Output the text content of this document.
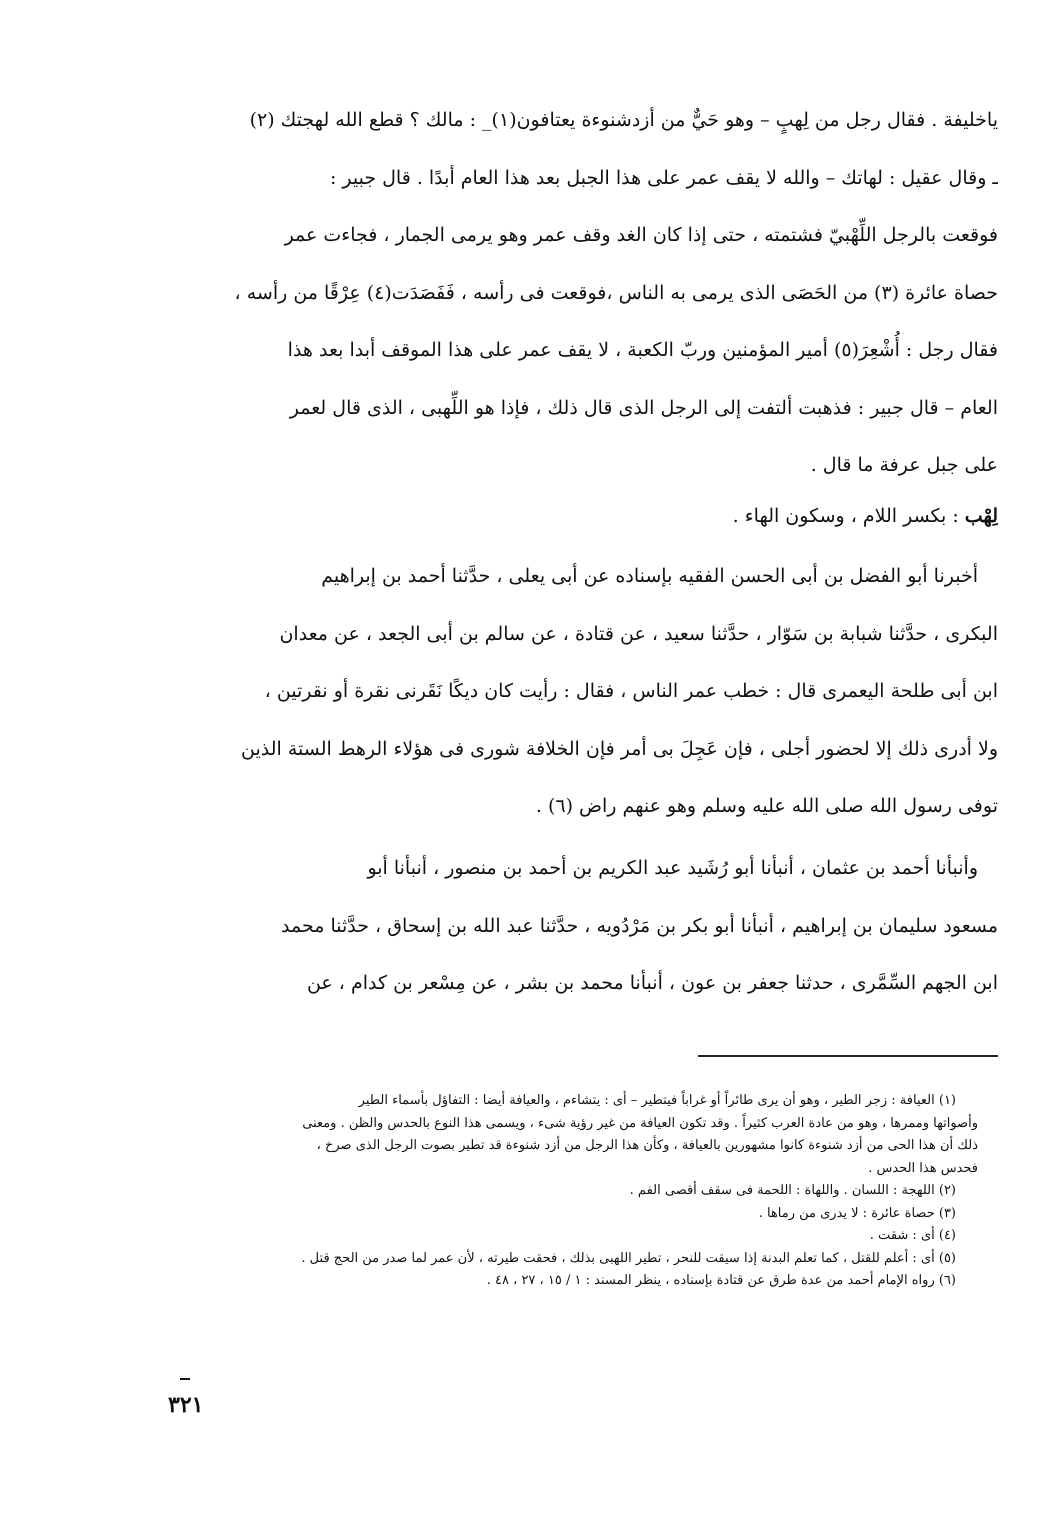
ياخليفة . فقال رجل من لِهبٍ – وهو حَيٌّ من أزدشنوءة يعتافون(١)_ : مالك ؟ قطع الله لهجتك (٢)
ـ وقال عقيل : لهاتك – والله لا يقف عمر على هذا الجبل بعد هذا العام أبدًا . قال جبير :
فوقعت بالرجل اللِّهْبيّ فشتمته ، حتى إذا كان الغد وقف عمر وهو يرمى الجمار ، فجاءت عمر
حصاة عائرة (٣) من الحَصَى الذى يرمى به الناس ،فوقعت فى رأسه ، فَفَصَدَت(٤) عِرْقًا من رأسه ،
فقال رجل : أُشْعِرَ(٥) أمير المؤمنين وربّ الكعبة ، لا يقف عمر على هذا الموقف أبدا بعد هذا
العام – قال جبير : فذهبت ألتفت إلى الرجل الذى قال ذلك ، فإذا هو اللِّهبى ، الذى قال لعمر
على جبل عرفة ما قال .
لِهْب : بكسر اللام ، وسكون الهاء .
أخبرنا أبو الفضل بن أبى الحسن الفقيه بإسناده عن أبى يعلى ، حدَّثنا أحمد بن إبراهيم
البكرى ، حدَّثنا شبابة بن سَوّار ، حدَّثنا سعيد ، عن قتادة ، عن سالم بن أبى الجعد ، عن معدان
ابن أبى طلحة اليعمرى قال : خطب عمر الناس ، فقال : رأيت كان ديكًا نَقَرنى نقرة أو نقرتين ،
ولا أدرى ذلك إلا لحضور أجلى ، فإن عَجِلَ بى أمر فإن الخلافة شورى فى هؤلاء الرهط الستة الذين
توفى رسول الله صلى الله عليه وسلم وهو عنهم راض (٦) .
وأنبأنا أحمد بن عثمان ، أنبأنا أبو رُشَيد عبد الكريم بن أحمد بن منصور ، أنبأنا أبو
مسعود سليمان بن إبراهيم ، أنبأنا أبو بكر بن مَرْدُويه ، حدَّثنا عبد الله بن إسحاق ، حدَّثنا محمد
ابن الجهم السِّمَّرى ، حدثنا جعفر بن عون ، أنبأنا محمد بن بشر ، عن مِسْعر بن كدام ، عن
(١) العيافة : زجر الطير ، وهو أن يرى طائراً أو غراباً فيتطير – أى : يتشاءم ، والعيافة أيضا : التفاؤل بأسماء الطير
وأصواتها وممرها ، وهو من عادة العرب كثيراً . وقد تكون العيافة من غير رؤية شىء ، ويسمى هذا النوع بالحدس والظن . ومعنى
ذلك أن هذا الحى من أزد شنوءة كانوا مشهورين بالعيافة ، وكأن هذا الرجل من أزد شنوءة قد تطير بصوت الرجل الذى صرخ ،
فحدس هذا الحدس .
(٢) اللهجة : اللسان . واللهاة : اللحمة فى سقف أقصى الفم .
(٣) حصاة عائرة : لا يدرى من رماها .
(٤) أى : شقت .
(٥) أى : أعلم للقتل ، كما تعلم البدنة إذا سيقت للنحر ، تطير اللهبى بذلك ، فحقت طيرته ، لأن عمر لما صدر من الحج قتل .
(٦) رواه الإمام أحمد من عدة طرق عن قتادة بإسناده ، ينظر المسند : ١ / ١٥ ، ٢٧ ، ٤٨ .
٣٢١
